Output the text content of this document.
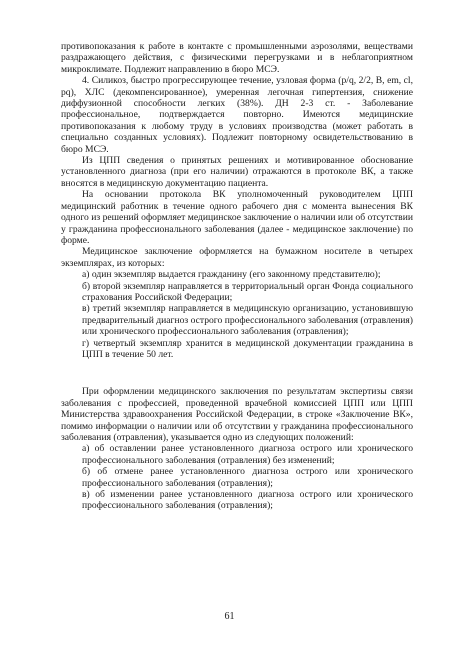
противопоказания к работе в контакте с промышленными аэрозолями, веществами раздражающего действия, с физическими перегрузками и в неблагоприятном микроклимате. Подлежит направлению в бюро МСЭ.

4. Силикоз, быстро прогрессирующее течение, узловая форма (p/q, 2/2, B, em, cl, pq), ХЛС (декомпенсированное), умеренная легочная гипертензия, снижение диффузионной способности легких (38%). ДН 2-3 ст. - Заболевание профессиональное, подтверждается повторно. Имеются медицинские противопоказания к любому труду в условиях производства (может работать в специально созданных условиях). Подлежит повторному освидетельствованию в бюро МСЭ.

Из ЦПП сведения о принятых решениях и мотивированное обоснование установленного диагноза (при его наличии) отражаются в протоколе ВК, а также вносятся в медицинскую документацию пациента.

На основании протокола ВК уполномоченный руководителем ЦПП медицинский работник в течение одного рабочего дня с момента вынесения ВК одного из решений оформляет медицинское заключение о наличии или об отсутствии у гражданина профессионального заболевания (далее - медицинское заключение) по форме.

Медицинское заключение оформляется на бумажном носителе в четырех экземплярах, из которых:

а) один экземпляр выдается гражданину (его законному представителю);

б) второй экземпляр направляется в территориальный орган Фонда социального страхования Российской Федерации;

в) третий экземпляр направляется в медицинскую организацию, установившую предварительный диагноз острого профессионального заболевания (отравления) или хронического профессионального заболевания (отравления);

г) четвертый экземпляр хранится в медицинской документации гражданина в ЦПП в течение 50 лет.

При оформлении медицинского заключения по результатам экспертизы связи заболевания с профессией, проведенной врачебной комиссией ЦПП или ЦПП Министерства здравоохранения Российской Федерации, в строке «Заключение ВК», помимо информации о наличии или об отсутствии у гражданина профессионального заболевания (отравления), указывается одно из следующих положений:

а) об оставлении ранее установленного диагноза острого или хронического профессионального заболевания (отравления) без изменений;

б) об отмене ранее установленного диагноза острого или хронического профессионального заболевания (отравления);

в) об изменении ранее установленного диагноза острого или хронического профессионального заболевания (отравления);

61
